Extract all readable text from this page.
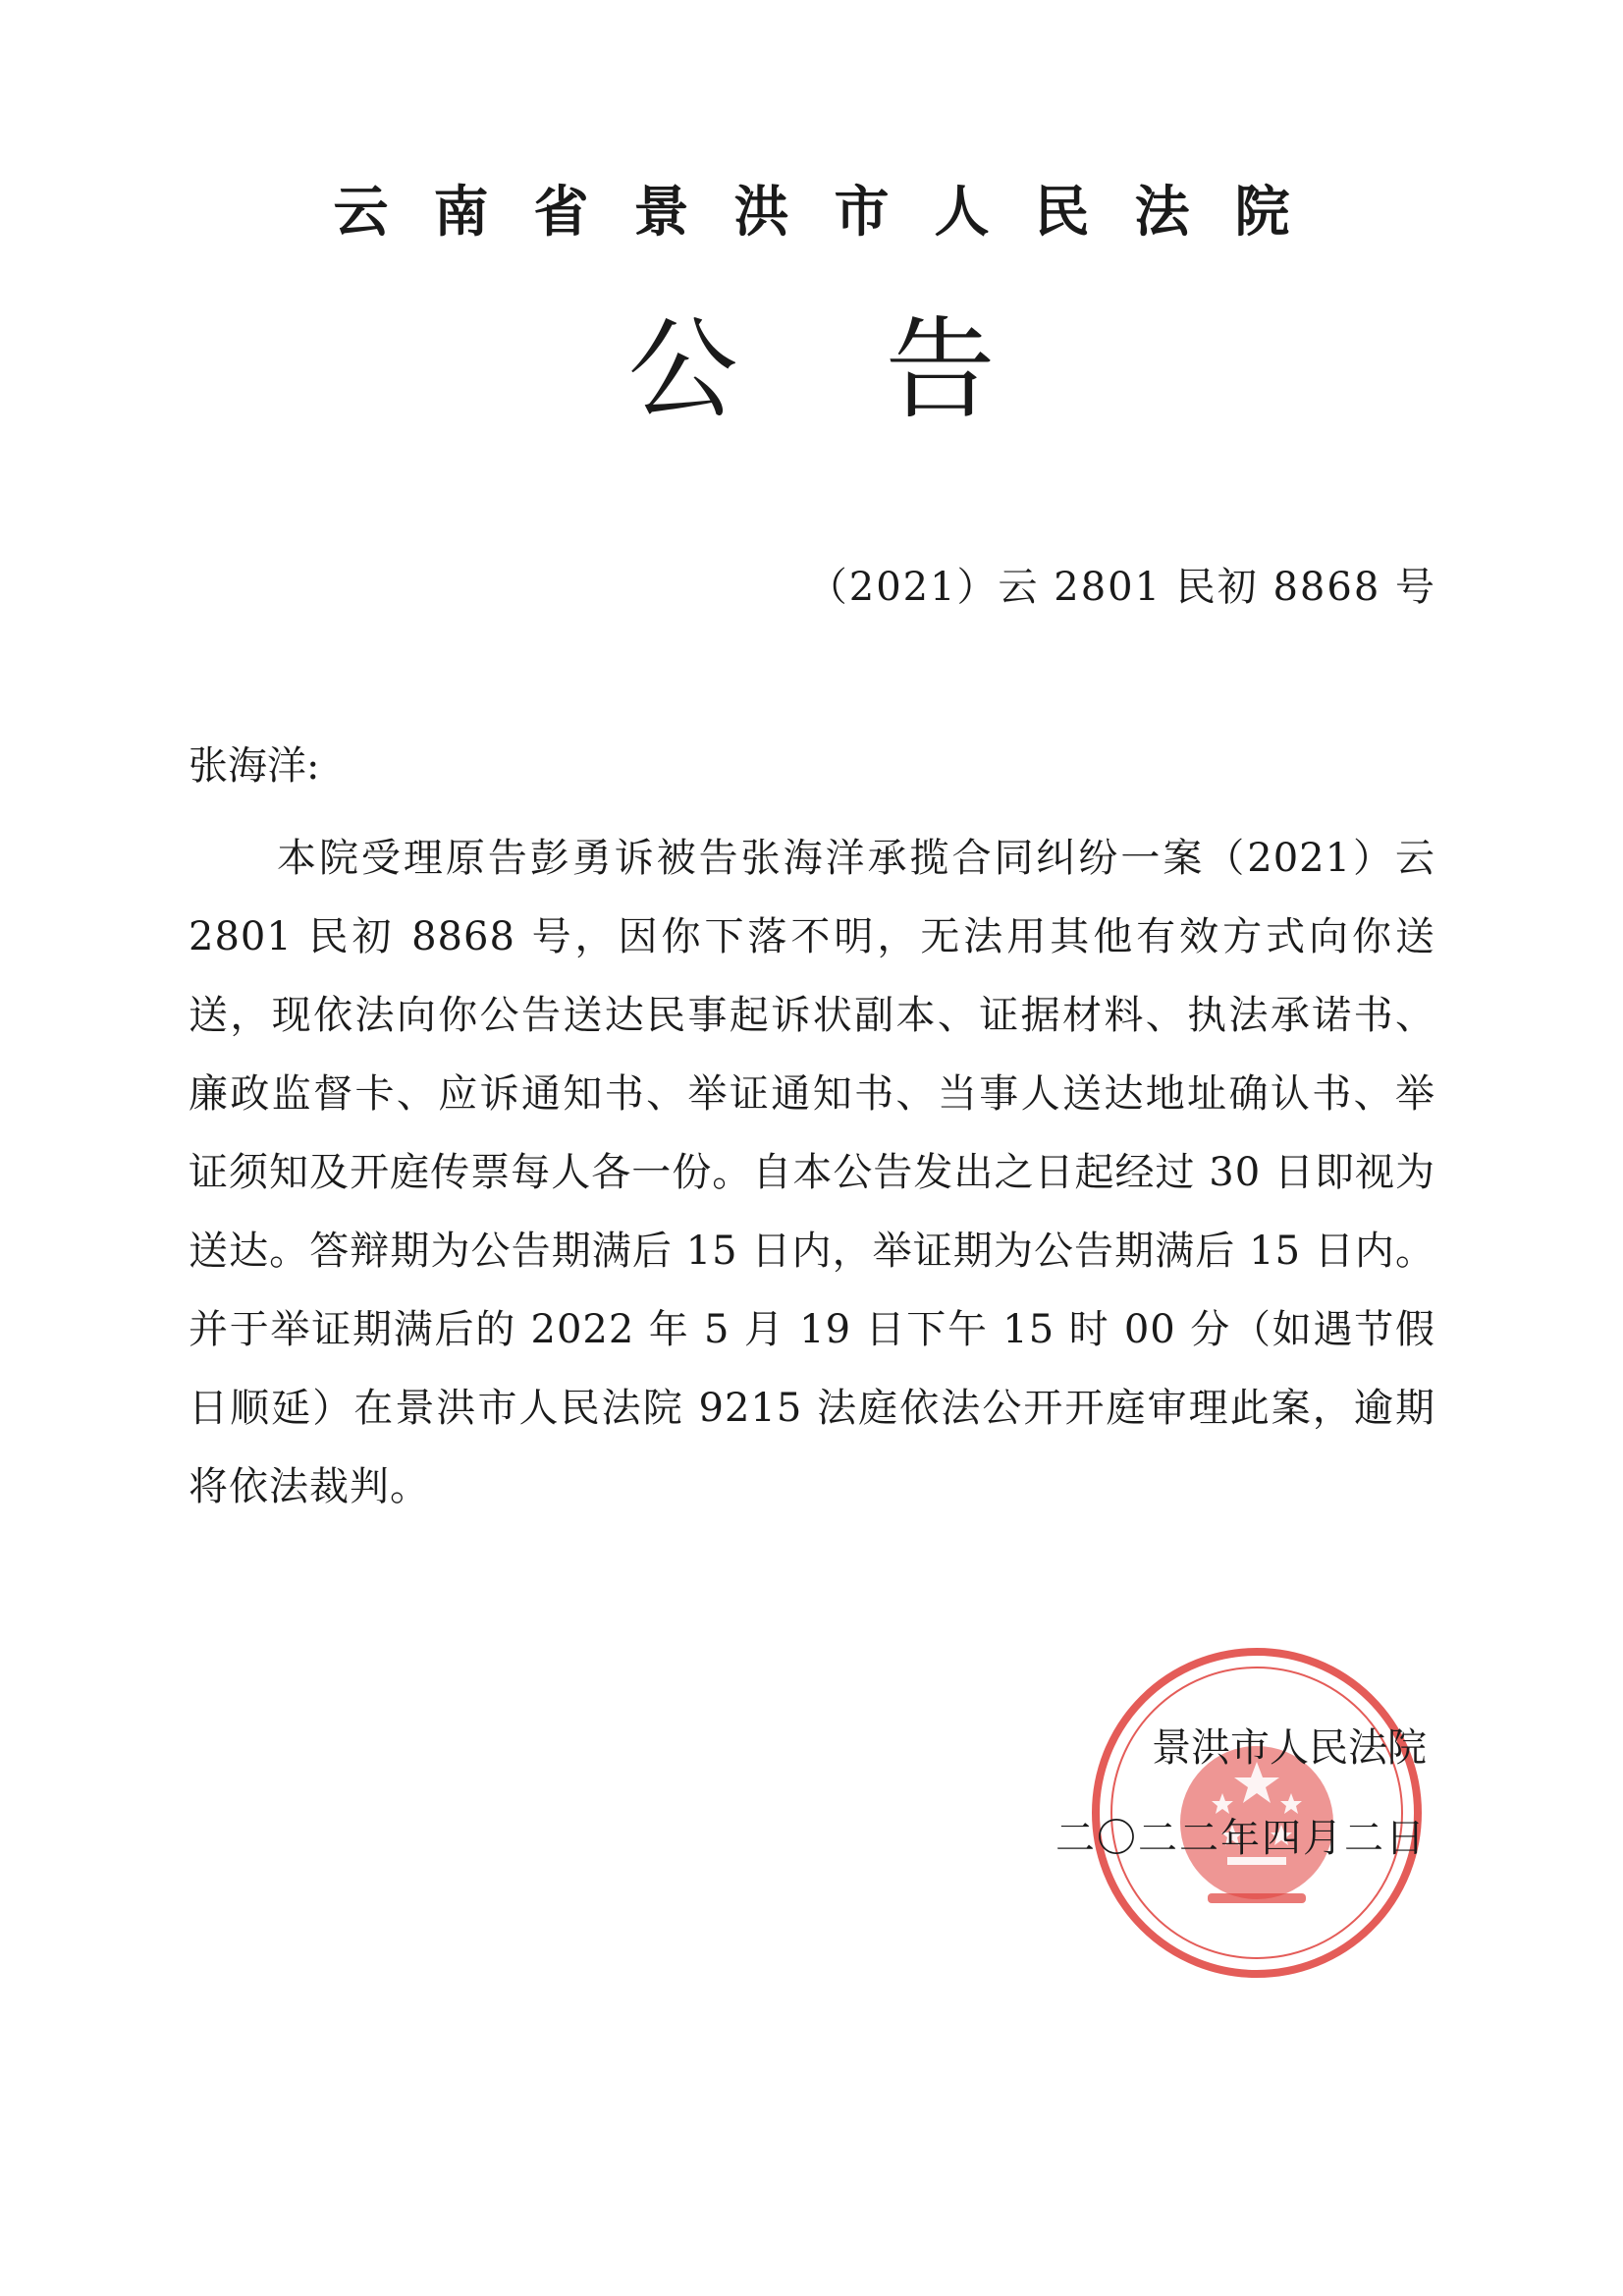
云南省景洪市人民法院
公告
（2021）云 2801 民初 8868 号
张海洋:
本院受理原告彭勇诉被告张海洋承揽合同纠纷一案（2021）云 2801 民初 8868 号，因你下落不明，无法用其他有效方式向你送送，现依法向你公告送达民事起诉状副本、证据材料、执法承诺书、廉政监督卡、应诉通知书、举证通知书、当事人送达地址确认书、举证须知及开庭传票每人各一份。自本公告发出之日起经过 30 日即视为送达。答辩期为公告期满后 15 日内，举证期为公告期满后 15 日内。并于举证期满后的 2022 年 5 月 19 日下午 15 时 00 分（如遇节假日顺延）在景洪市人民法院 9215 法庭依法公开开庭审理此案，逾期将依法裁判。
景洪市人民法院
二〇二二年四月二日
